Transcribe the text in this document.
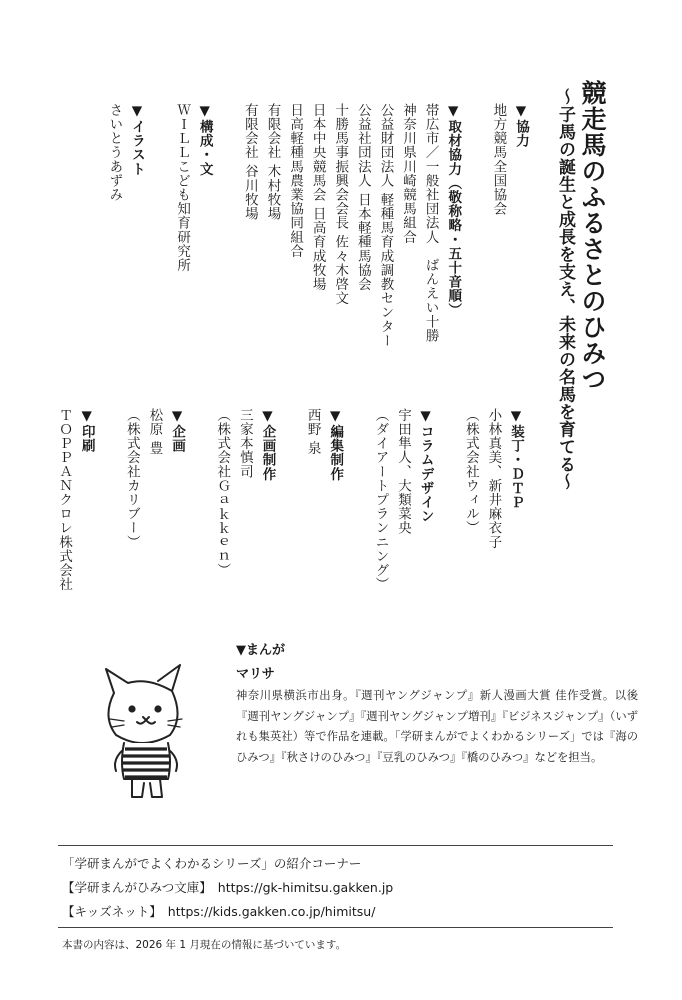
競走馬のふるさとのひみつ
～子馬の誕生と成長を支え、未来の名馬を育てる～
▼協力
地方競馬全国協会
▼取材協力（敬称略・五十音順）
帯広市／一般社団法人　ばんえい十勝
神奈川県川崎競馬組合
公益財団法人 軽種馬育成調教センター
公益社団法人 日本軽種馬協会
十勝馬事振興会会長 佐々木啓文
日本中央競馬会 日高育成牧場
日高軽種馬農業協同組合
有限会社 木村牧場
有限会社 谷川牧場
▼構成・文
ＷＩＬＬこども知育研究所
▼イラスト
さいとうあずみ
▼装丁・ＤＴＰ
小林真美、新井麻衣子
（株式会社ウィル）
▼コラムデザイン
宇田隼人、大類菜央
（ダイアートプランニング）
▼編集制作
西野 泉
▼企画制作
三家本慎司
（株式会社Ｇａｋｋｅｎ）
▼企画
松原 豊
（株式会社カリブー）
▼印刷
ＴＯＰＰＡＮクロレ株式会社
▼まんが
マリサ
神奈川県横浜市出身。『週刊ヤングジャンプ』新人漫画大賞 佳作受賞。以後『週刊ヤングジャンプ』『週刊ヤングジャンプ増刊』『ビジネスジャンプ』（いずれも集英社）等で作品を連載。「学研まんがでよくわかるシリーズ」では『海のひみつ』『秋さけのひみつ』『豆乳のひみつ』『橋のひみつ』などを担当。
「学研まんがでよくわかるシリーズ」の紹介コーナー
【学研まんがひみつ文庫】 https://gk-himitsu.gakken.jp
【キッズネット】 https://kids.gakken.co.jp/himitsu/
本書の内容は、2026 年 1 月現在の情報に基づいています。
